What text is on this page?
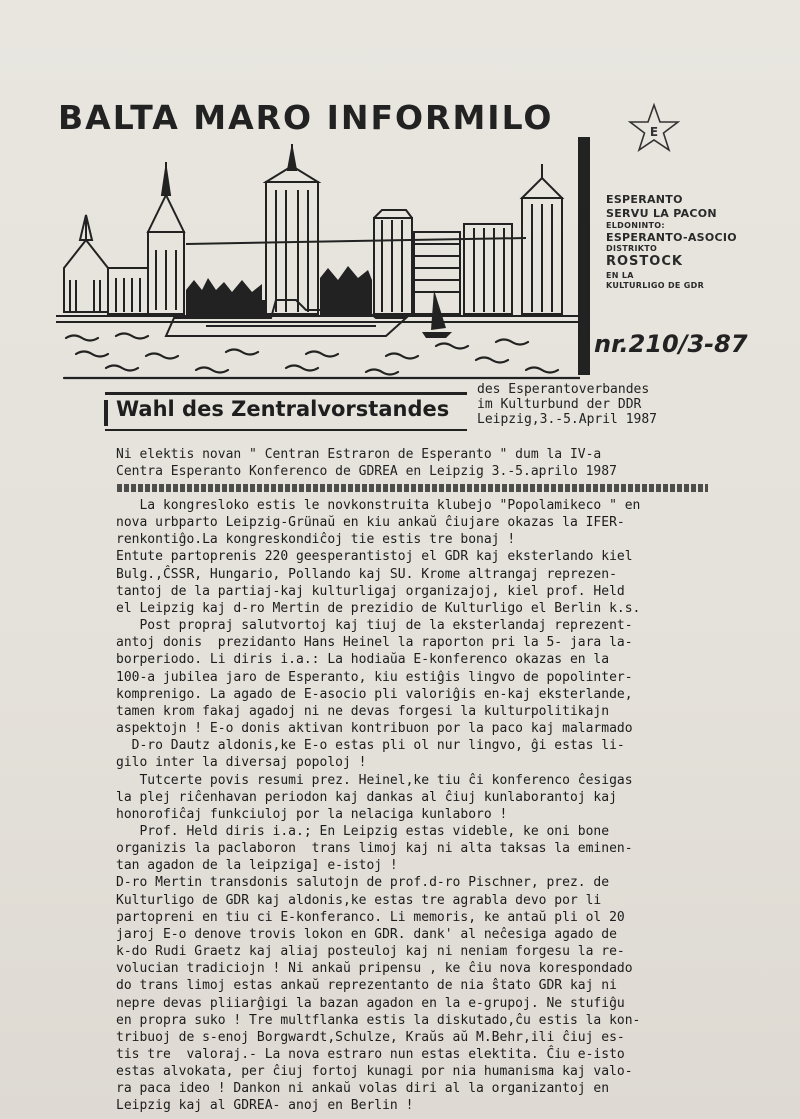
BALTA MARO INFORMILO	E
ESPERANTO
SERVU LA PACON
ELDONINTO:
ESPERANTO-ASOCIO
DISTRIKTO
ROSTOCK
EN LA
KULTURLIGO DE GDR
nr.210/3-87
Wahl des Zentralvorstandes
des Esperantoverbandes
im Kulturbund der DDR
Leipzig,3.-5.April 1987
Ni elektis novan " Centran Estraron de Esperanto " dum la IV-a
Centra Esperanto Konferenco de GDREA en Leipzig 3.-5.aprilo 1987
La kongresloko estis le novkonstruita klubejo "Popolamikeco " en
nova urbparto Leipzig-Grünaŭ en kiu ankaŭ ĉiujare okazas la IFER-
renkontiĝo.La kongreskondiĉoj tie estis tre bonaj !
Entute partoprenis 220 geesperantistoj el GDR kaj eksterlando kiel
Bulg.,ĈSSR, Hungario, Pollando kaj SU. Krome altrangaj reprezen-
tantoj de la partiaj-kaj kulturligaj organizajoj, kiel prof. Held
el Leipzig kaj d-ro Mertin de prezidio de Kulturligo el Berlin k.s.
Post propraj salutvortoj kaj tiuj de la eksterlandaj reprezent-
antoj donis  prezidanto Hans Heinel la raporton pri la 5- jara la-
borperiodo. Li diris i.a.: La hodiaŭa E-konferenco okazas en la
100-a jubilea jaro de Esperanto, kiu estiĝis lingvo de popolinter-
komprenigo. La agado de E-asocio pli valoriĝis en-kaj eksterlande,
tamen krom fakaj agadoj ni ne devas forgesi la kulturpolitikajn
aspektojn ! E-o donis aktivan kontribuon por la paco kaj malarmado
D-ro Dautz aldonis,ke E-o estas pli ol nur lingvo, ĝi estas li-
gilo inter la diversaj popoloj !
Tutcerte povis resumi prez. Heinel,ke tiu ĉi konferenco ĉesigas
la plej riĉenhavan periodon kaj dankas al ĉiuj kunlaborantoj kaj
honorofiĉaj funkciuloj por la nelaciga kunlaboro !
Prof. Held diris i.a.; En Leipzig estas videble, ke oni bone
organizis la paclaboron  trans limoj kaj ni alta taksas la eminen-
tan agadon de la leipziga] e-istoj !
D-ro Mertin transdonis salutojn de prof.d-ro Pischner, prez. de
Kulturligo de GDR kaj aldonis,ke estas tre agrabla devo por li
partopreni en tiu ci E-konferanco. Li memoris, ke antaŭ pli ol 20
jaroj E-o denove trovis lokon en GDR. dank' al neĉesiga agado de
k-do Rudi Graetz kaj aliaj posteuloj kaj ni neniam forgesu la re-
volucian tradiciojn ! Ni ankaŭ pripensu , ke ĉiu nova korespondado
do trans limoj estas ankaŭ reprezentanto de nia ŝtato GDR kaj ni
nepre devas pliiarĝigi la bazan agadon en la e-grupoj. Ne stufiĝu
en propra suko ! Tre multflanka estis la diskutado,ĉu estis la kon-
tribuoj de s-enoj Borgwardt,Schulze, Kraŭs aŭ M.Behr,ili ĉiuj es-
tis tre  valoraj.- La nova estraro nun estas elektita. Ĉiu e-isto
estas alvokata, per ĉiuj fortoj kunagi por nia humanisma kaj valo-
ra paca ideo ! Dankon ni ankaŭ volas diri al la organizantoj en
Leipzig kaj al GDREA- anoj en Berlin !
